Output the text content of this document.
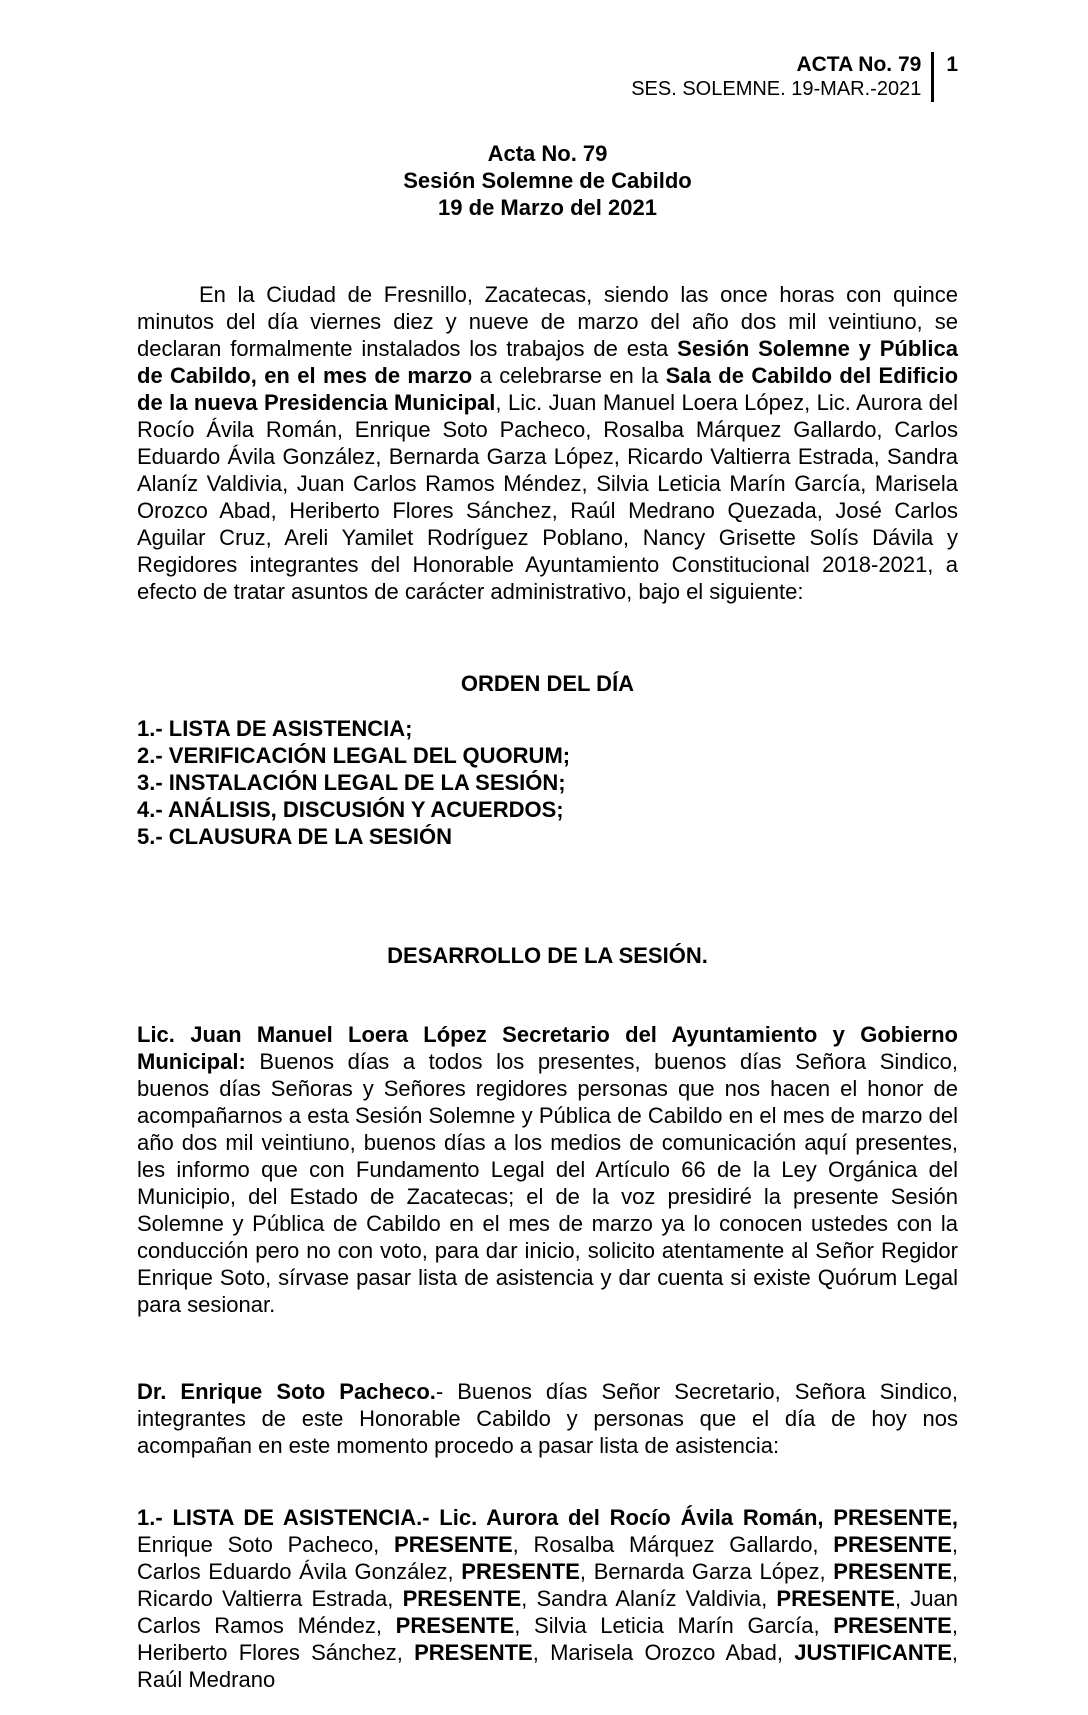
ACTA No. 79
SES. SOLEMNE. 19-MAR.-2021
1
Acta No. 79
Sesión Solemne de Cabildo
19 de Marzo del 2021

En la Ciudad de Fresnillo, Zacatecas, siendo las once horas con quince minutos del día viernes diez y nueve de marzo del año dos mil veintiuno, se declaran formalmente instalados los trabajos de esta Sesión Solemne y Pública de Cabildo, en el mes de marzo a celebrarse en la Sala de Cabildo del Edificio de la nueva Presidencia Municipal, Lic. Juan Manuel Loera López, Lic. Aurora del Rocío Ávila Román, Enrique Soto Pacheco, Rosalba Márquez Gallardo, Carlos Eduardo Ávila González, Bernarda Garza López, Ricardo Valtierra Estrada, Sandra Alaníz Valdivia, Juan Carlos Ramos Méndez, Silvia Leticia Marín García, Marisela Orozco Abad, Heriberto Flores Sánchez, Raúl Medrano Quezada, José Carlos Aguilar Cruz, Areli Yamilet Rodríguez Poblano, Nancy Grisette Solís Dávila y Regidores integrantes del Honorable Ayuntamiento Constitucional 2018-2021, a efecto de tratar asuntos de carácter administrativo, bajo el siguiente:

ORDEN DEL DÍA
1.- LISTA DE ASISTENCIA;
2.- VERIFICACIÓN LEGAL DEL QUORUM;
3.- INSTALACIÓN LEGAL DE LA SESIÓN;
4.- ANÁLISIS, DISCUSIÓN Y ACUERDOS;
5.- CLAUSURA DE LA SESIÓN
DESARROLLO DE LA SESIÓN.

Lic. Juan Manuel Loera López Secretario del Ayuntamiento y Gobierno Municipal: Buenos días a todos los presentes, buenos días Señora Sindico, buenos días Señoras y Señores regidores personas que nos hacen el honor de acompañarnos a esta Sesión Solemne y Pública de Cabildo en el mes de marzo del año dos mil veintiuno, buenos días a los medios de comunicación aquí presentes, les informo que con Fundamento Legal del Artículo 66 de la Ley Orgánica del Municipio, del Estado de Zacatecas; el de la voz presidiré la presente Sesión Solemne y Pública de Cabildo en el mes de marzo ya lo conocen ustedes con la conducción pero no con voto, para dar inicio, solicito atentamente al Señor Regidor Enrique Soto, sírvase pasar lista de asistencia y dar cuenta si existe Quórum Legal para sesionar.

Dr. Enrique Soto Pacheco.- Buenos días Señor Secretario, Señora Sindico, integrantes de este Honorable Cabildo y personas que el día de hoy nos acompañan en este momento procedo a pasar lista de asistencia:

1.- LISTA DE ASISTENCIA.- Lic. Aurora del Rocío Ávila Román, PRESENTE, Enrique Soto Pacheco, PRESENTE, Rosalba Márquez Gallardo, PRESENTE, Carlos Eduardo Ávila González, PRESENTE, Bernarda Garza López, PRESENTE, Ricardo Valtierra Estrada, PRESENTE, Sandra Alaníz Valdivia, PRESENTE, Juan Carlos Ramos Méndez, PRESENTE, Silvia Leticia Marín García, PRESENTE, Heriberto Flores Sánchez, PRESENTE, Marisela Orozco Abad, JUSTIFICANTE, Raúl Medrano
